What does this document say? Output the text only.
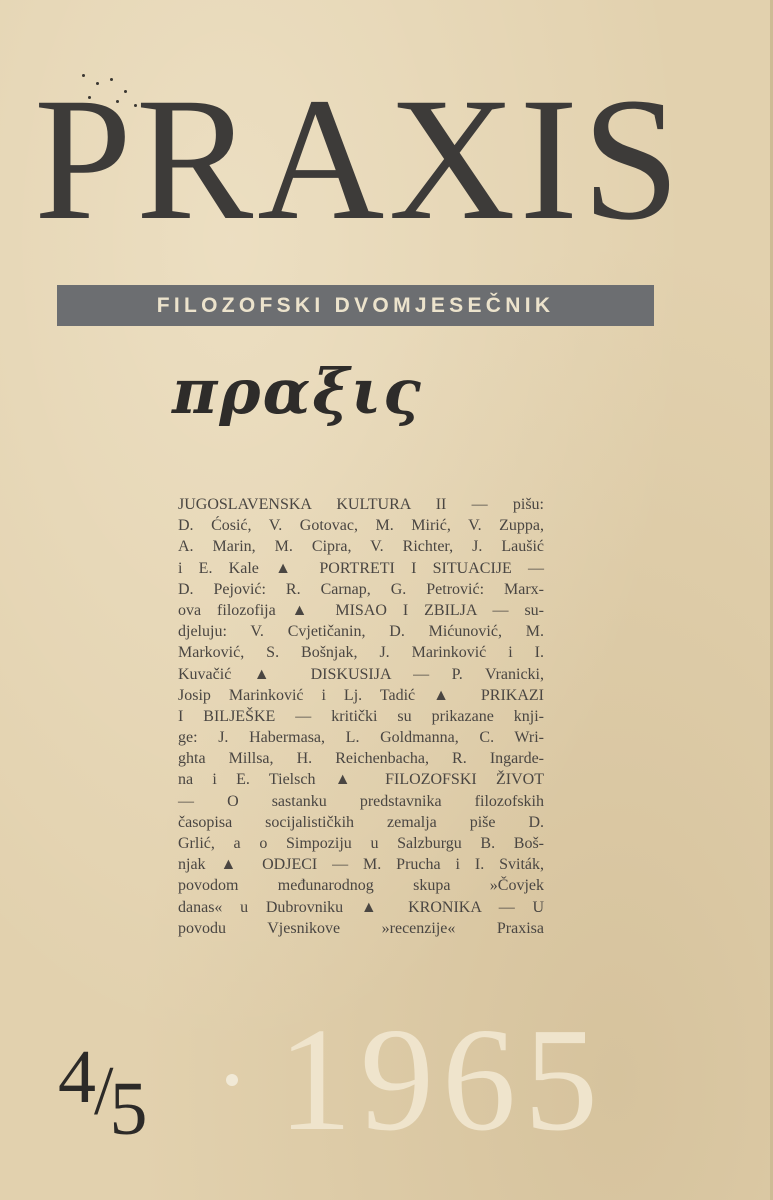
PRAXIS
FILOZOFSKI DVOMJESEČNIK
πραξις
JUGOSLAVENSKA KULTURA II — pišu:
D. Ćosić, V. Gotovac, M. Mirić, V. Zuppa,
A. Marin, M. Cipra, V. Richter, J. Laušić
i E. Kale ▲ PORTRETI I SITUACIJE —
D. Pejović: R. Carnap, G. Petrović: Marx-
ova filozofija ▲ MISAO I ZBILJA — su-
djeluju: V. Cvjetičanin, D. Mićunović, M.
Marković, S. Bošnjak, J. Marinković i I.
Kuvačić ▲ DISKUSIJA — P. Vranicki,
Josip Marinković i Lj. Tadić ▲ PRIKAZI
I BILJEŠKE — kritički su prikazane knji-
ge: J. Habermasa, L. Goldmanna, C. Wri-
ghta Millsa, H. Reichenbacha, R. Ingarde-
na i E. Tielsch ▲ FILOZOFSKI ŽIVOT
— O sastanku predstavnika filozofskih
časopisa socijalističkih zemalja piše D.
Grlić, a o Simpoziju u Salzburgu B. Boš-
njak ▲ ODJECI — M. Prucha i I. Sviták,
povodom međunarodnog skupa »Čovjek
danas« u Dubrovniku ▲ KRONIKA — U
povodu Vjesnikove »recenzije« Praxisa
4/5 1965
